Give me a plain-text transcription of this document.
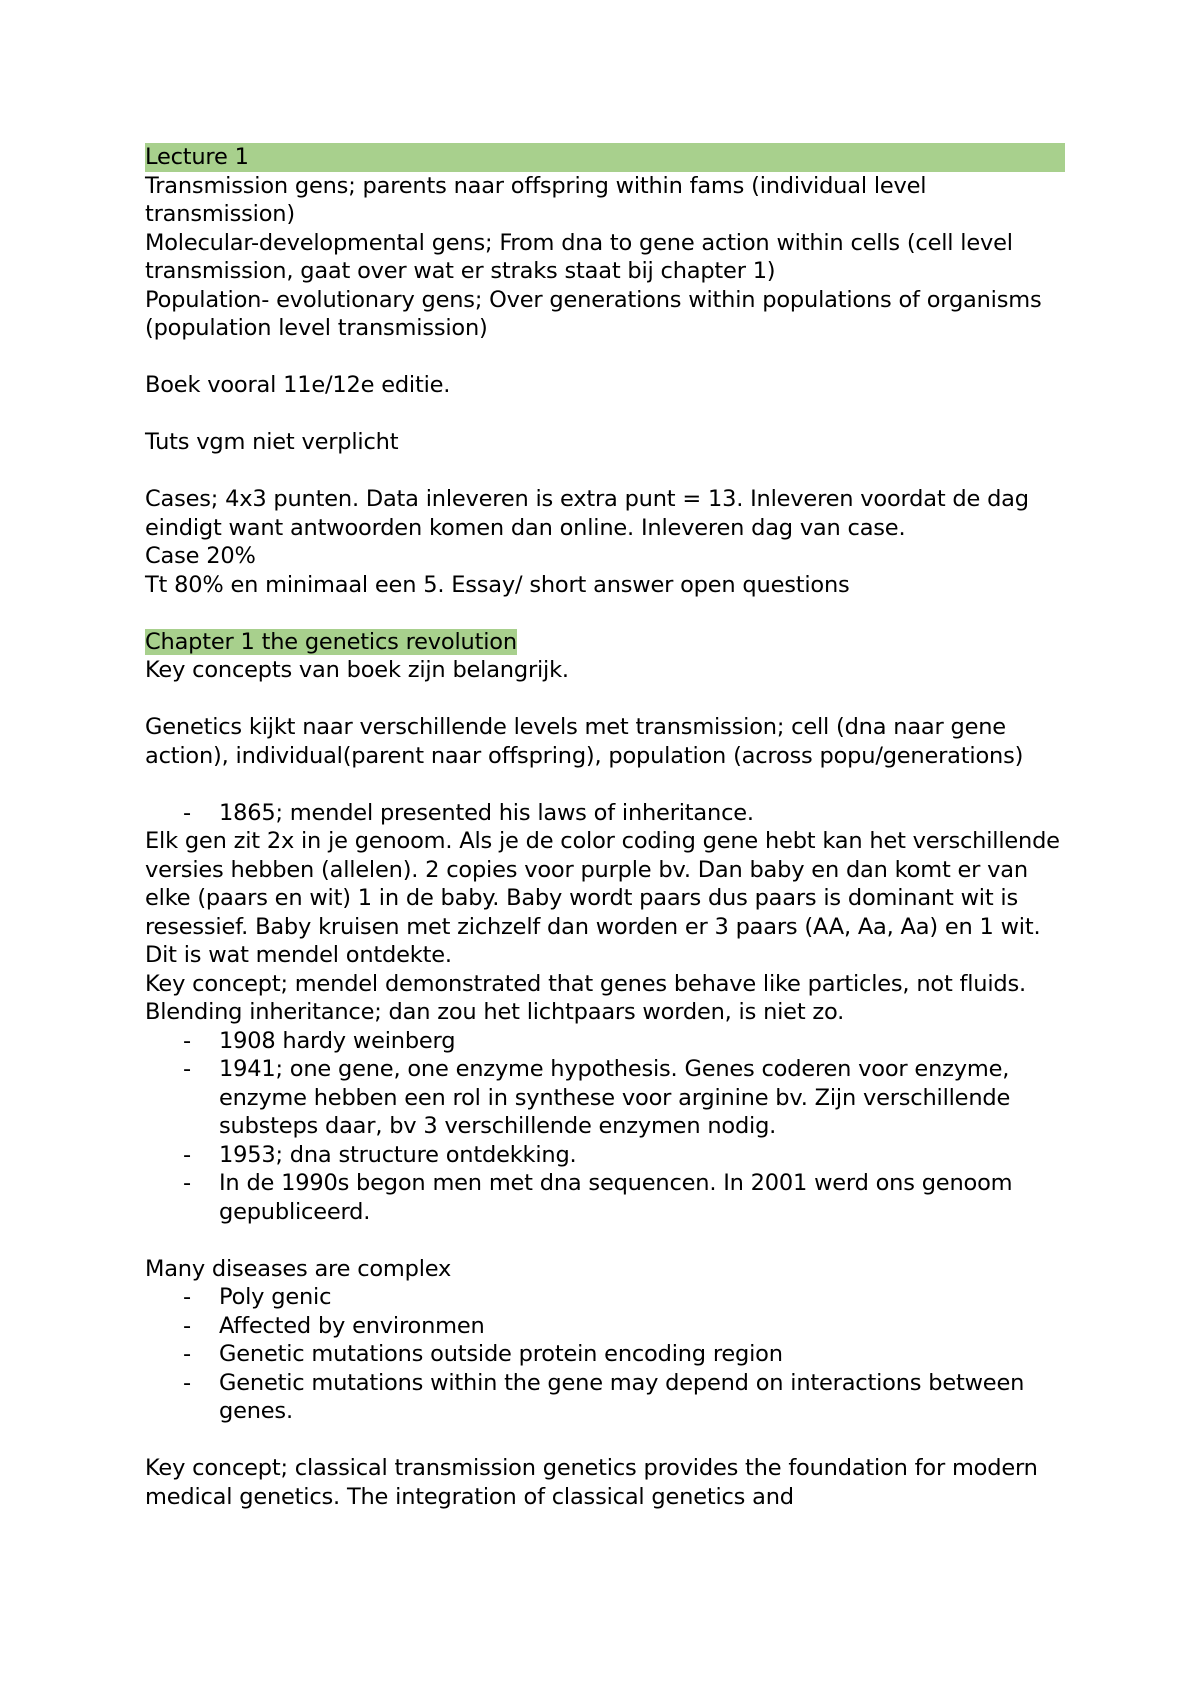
Lecture 1

Transmission gens; parents naar offspring within fams (individual level transmission)

Molecular-developmental gens; From dna to gene action within cells (cell level transmission, gaat over wat er straks staat bij chapter 1)

Population- evolutionary gens; Over generations within populations of organisms (population level transmission)

Boek vooral 11e/12e editie.

Tuts vgm niet verplicht

Cases; 4x3 punten. Data inleveren is extra punt = 13. Inleveren voordat de dag eindigt want antwoorden komen dan online. Inleveren dag van case.

Case 20%

Tt 80% en minimaal een 5. Essay/ short answer open questions

Chapter 1 the genetics revolution

Key concepts van boek zijn belangrijk.

Genetics kijkt naar verschillende levels met transmission; cell (dna naar gene action), individual(parent naar offspring), population (across popu/generations)

- 1865; mendel presented his laws of inheritance.

Elk gen zit 2x in je genoom. Als je de color coding gene hebt kan het verschillende versies hebben (allelen). 2 copies voor purple bv. Dan baby en dan komt er van elke (paars en wit) 1 in de baby. Baby wordt paars dus paars is dominant wit is resessief. Baby kruisen met zichzelf dan worden er 3 paars (AA, Aa, Aa) en 1 wit. Dit is wat mendel ontdekte.

Key concept; mendel demonstrated that genes behave like particles, not fluids. Blending inheritance; dan zou het lichtpaars worden, is niet zo.

- 1908 hardy weinberg
- 1941; one gene, one enzyme hypothesis. Genes coderen voor enzyme, enzyme hebben een rol in synthese voor arginine bv. Zijn verschillende substeps daar, bv 3 verschillende enzymen nodig.
- 1953; dna structure ontdekking.
- In de 1990s begon men met dna sequencen. In 2001 werd ons genoom gepubliceerd.

Many diseases are complex

- Poly genic
- Affected by environmen
- Genetic mutations outside protein encoding region
- Genetic mutations within the gene may depend on interactions between genes.

Key concept; classical transmission genetics provides the foundation for modern medical genetics. The integration of classical genetics and
